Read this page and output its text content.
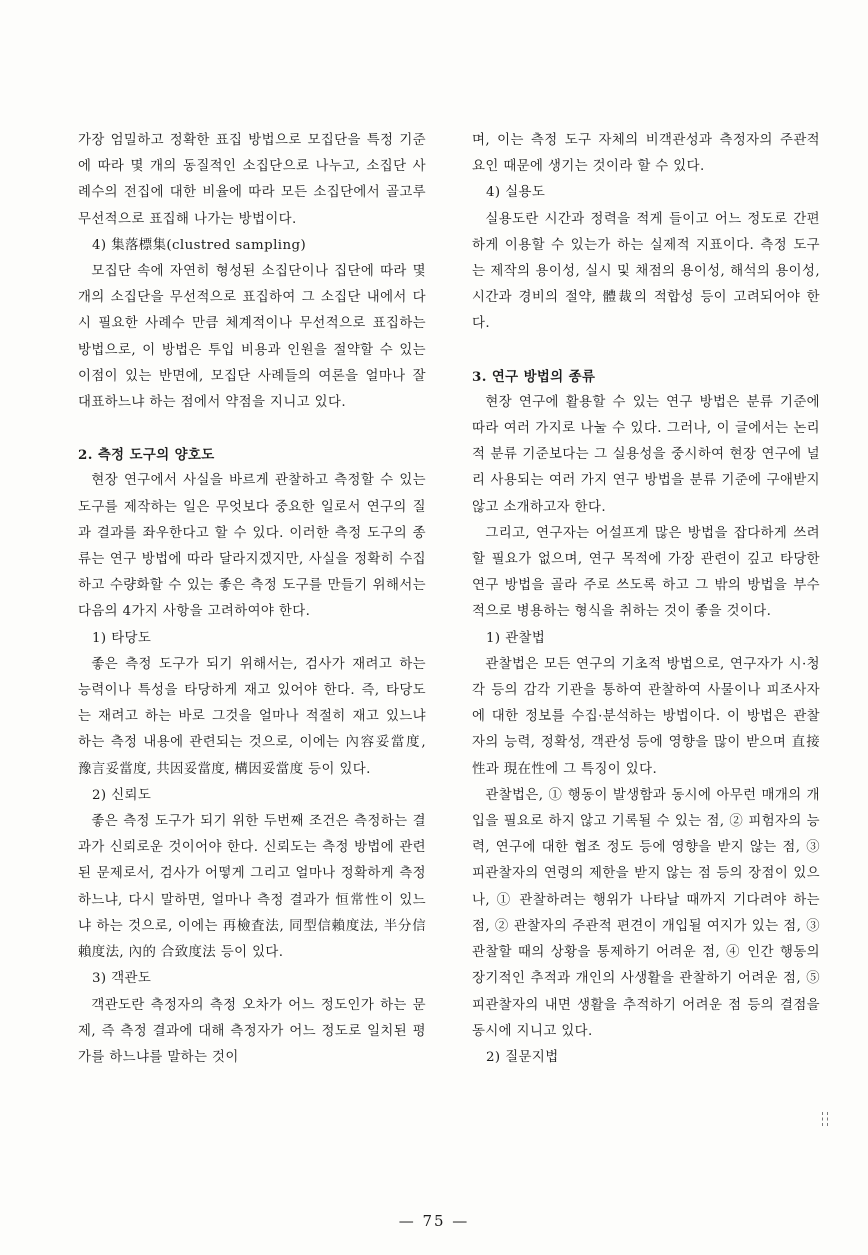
가장 엄밀하고 정확한 표집 방법으로 모집단을 특정 기준에 따라 몇 개의 동질적인 소집단으로 나누고, 소집단 사례수의 전집에 대한 비율에 따라 모든 소집단에서 골고루 무선적으로 표집해 나가는 방법이다.

4) 集落標集(clustred sampling)

모집단 속에 자연히 형성된 소집단이나 집단에 따라 몇 개의 소집단을 무선적으로 표집하여 그 소집단 내에서 다시 필요한 사례수 만큼 체계적이나 무선적으로 표집하는 방법으로, 이 방법은 투입 비용과 인원을 절약할 수 있는 이점이 있는 반면에, 모집단 사례들의 여론을 얼마나 잘 대표하느냐 하는 점에서 약점을 지니고 있다.

2. 측정 도구의 양호도

현장 연구에서 사실을 바르게 관찰하고 측정할 수 있는 도구를 제작하는 일은 무엇보다 중요한 일로서 연구의 질과 결과를 좌우한다고 할 수 있다. 이러한 측정 도구의 종류는 연구 방법에 따라 달라지겠지만, 사실을 정확히 수집하고 수량화할 수 있는 좋은 측정 도구를 만들기 위해서는 다음의 4가지 사항을 고려하여야 한다.

1) 타당도

좋은 측정 도구가 되기 위해서는, 검사가 재려고 하는 능력이나 특성을 타당하게 재고 있어야 한다. 즉, 타당도는 재려고 하는 바로 그것을 얼마나 적절히 재고 있느냐 하는 측정 내용에 관련되는 것으로, 이에는 內容妥當度, 豫言妥當度, 共因妥當度, 構因妥當度 등이 있다.

2) 신뢰도

좋은 측정 도구가 되기 위한 두번째 조건은 측정하는 결과가 신뢰로운 것이어야 한다. 신뢰도는 측정 방법에 관련된 문제로서, 검사가 어떻게 그리고 얼마나 정확하게 측정하느냐, 다시 말하면, 얼마나 측정 결과가 恒常性이 있느냐 하는 것으로, 이에는 再檢査法, 同型信賴度法, 半分信賴度法, 內的 合致度法 등이 있다.

3) 객관도

객관도란 측정자의 측정 오차가 어느 정도인가 하는 문제, 즉 측정 결과에 대해 측정자가 어느 정도로 일치된 평가를 하느냐를 말하는 것이

며, 이는 측정 도구 자체의 비객관성과 측정자의 주관적 요인 때문에 생기는 것이라 할 수 있다.

4) 실용도

실용도란 시간과 정력을 적게 들이고 어느 정도로 간편하게 이용할 수 있는가 하는 실제적 지표이다. 측정 도구는 제작의 용이성, 실시 및 채점의 용이성, 해석의 용이성, 시간과 경비의 절약, 體裁의 적합성 등이 고려되어야 한다.

3. 연구 방법의 종류

현장 연구에 활용할 수 있는 연구 방법은 분류 기준에 따라 여러 가지로 나눌 수 있다. 그러나, 이 글에서는 논리적 분류 기준보다는 그 실용성을 중시하여 현장 연구에 널리 사용되는 여러 가지 연구 방법을 분류 기준에 구애받지 않고 소개하고자 한다.

그리고, 연구자는 어설프게 많은 방법을 잡다하게 쓰려할 필요가 없으며, 연구 목적에 가장 관련이 깊고 타당한 연구 방법을 골라 주로 쓰도록 하고 그 밖의 방법을 부수적으로 병용하는 형식을 취하는 것이 좋을 것이다.

1) 관찰법

관찰법은 모든 연구의 기초적 방법으로, 연구자가 시·청각 등의 감각 기관을 통하여 관찰하여 사물이나 피조사자에 대한 정보를 수집·분석하는 방법이다. 이 방법은 관찰자의 능력, 정확성, 객관성 등에 영향을 많이 받으며 直接性과 現在性에 그 특징이 있다.

관찰법은, ① 행동이 발생함과 동시에 아무런 매개의 개입을 필요로 하지 않고 기록될 수 있는 점, ② 피험자의 능력, 연구에 대한 협조 정도 등에 영향을 받지 않는 점, ③ 피관찰자의 연령의 제한을 받지 않는 점 등의 장점이 있으나, ① 관찰하려는 행위가 나타날 때까지 기다려야 하는 점, ② 관찰자의 주관적 편견이 개입될 여지가 있는 점, ③ 관찰할 때의 상황을 통제하기 어려운 점, ④ 인간 행동의 장기적인 추적과 개인의 사생활을 관찰하기 어려운 점, ⑤ 피관찰자의 내면 생활을 추적하기 어려운 점 등의 결점을 동시에 지니고 있다.

2) 질문지법

— 75 —
